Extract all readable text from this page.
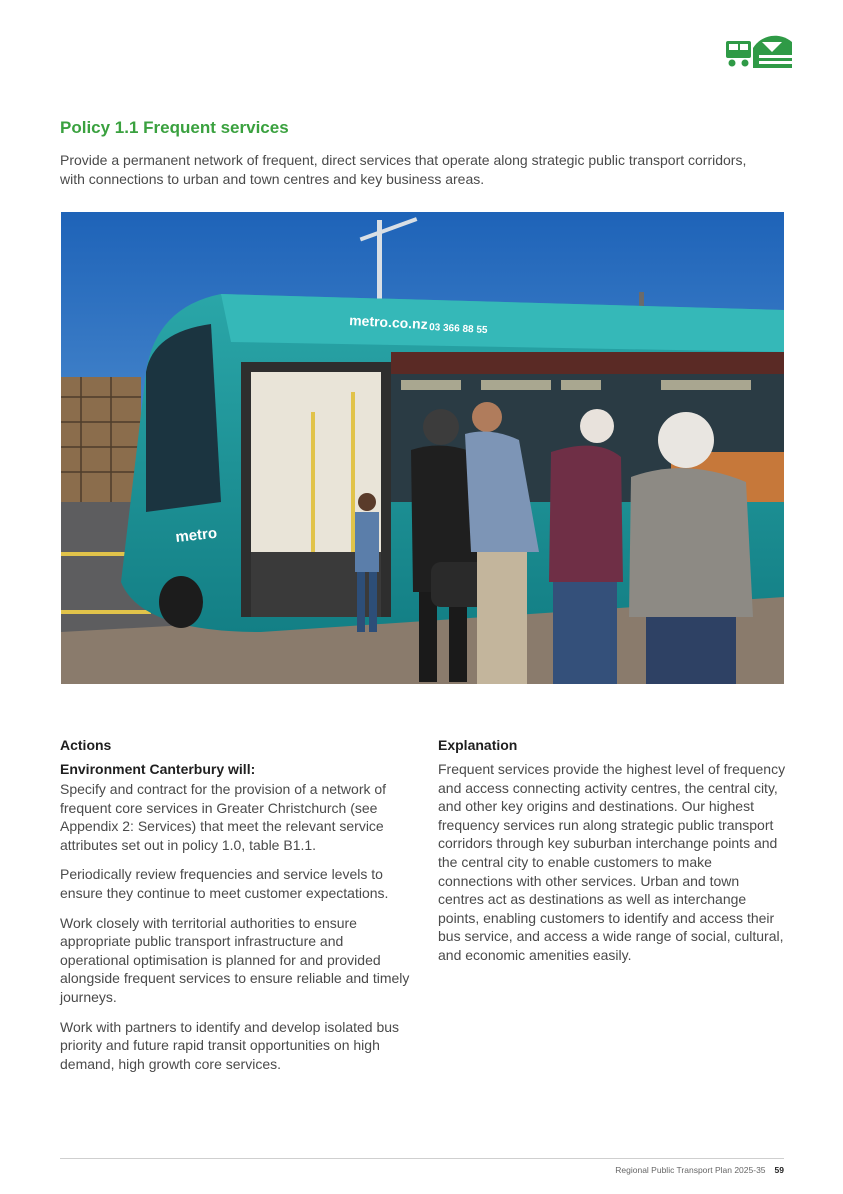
Policy 1.1 Frequent services

Provide a permanent network of frequent, direct services that operate along strategic public transport corridors, with connections to urban and town centres and key business areas.

metro.co.nz 03 366 88 55
metro
Actions
Environment Canterbury will:

Specify and contract for the provision of a network of frequent core services in Greater Christchurch (see Appendix 2: Services) that meet the relevant service attributes set out in policy 1.0, table B1.1.

Periodically review frequencies and service levels to ensure they continue to meet customer expectations.

Work closely with territorial authorities to ensure appropriate public transport infrastructure and operational optimisation is planned for and provided alongside frequent services to ensure reliable and timely journeys.

Work with partners to identify and develop isolated bus priority and future rapid transit opportunities on high demand, high growth core services.

Explanation

Frequent services provide the highest level of frequency and access connecting activity centres, the central city, and other key origins and destinations. Our highest frequency services run along strategic public transport corridors through key suburban interchange points and the central city to enable customers to make connections with other services. Urban and town centres act as destinations as well as interchange points, enabling customers to identify and access their bus service, and access a wide range of social, cultural, and economic amenities easily.

Regional Public Transport Plan 2025-35 59
